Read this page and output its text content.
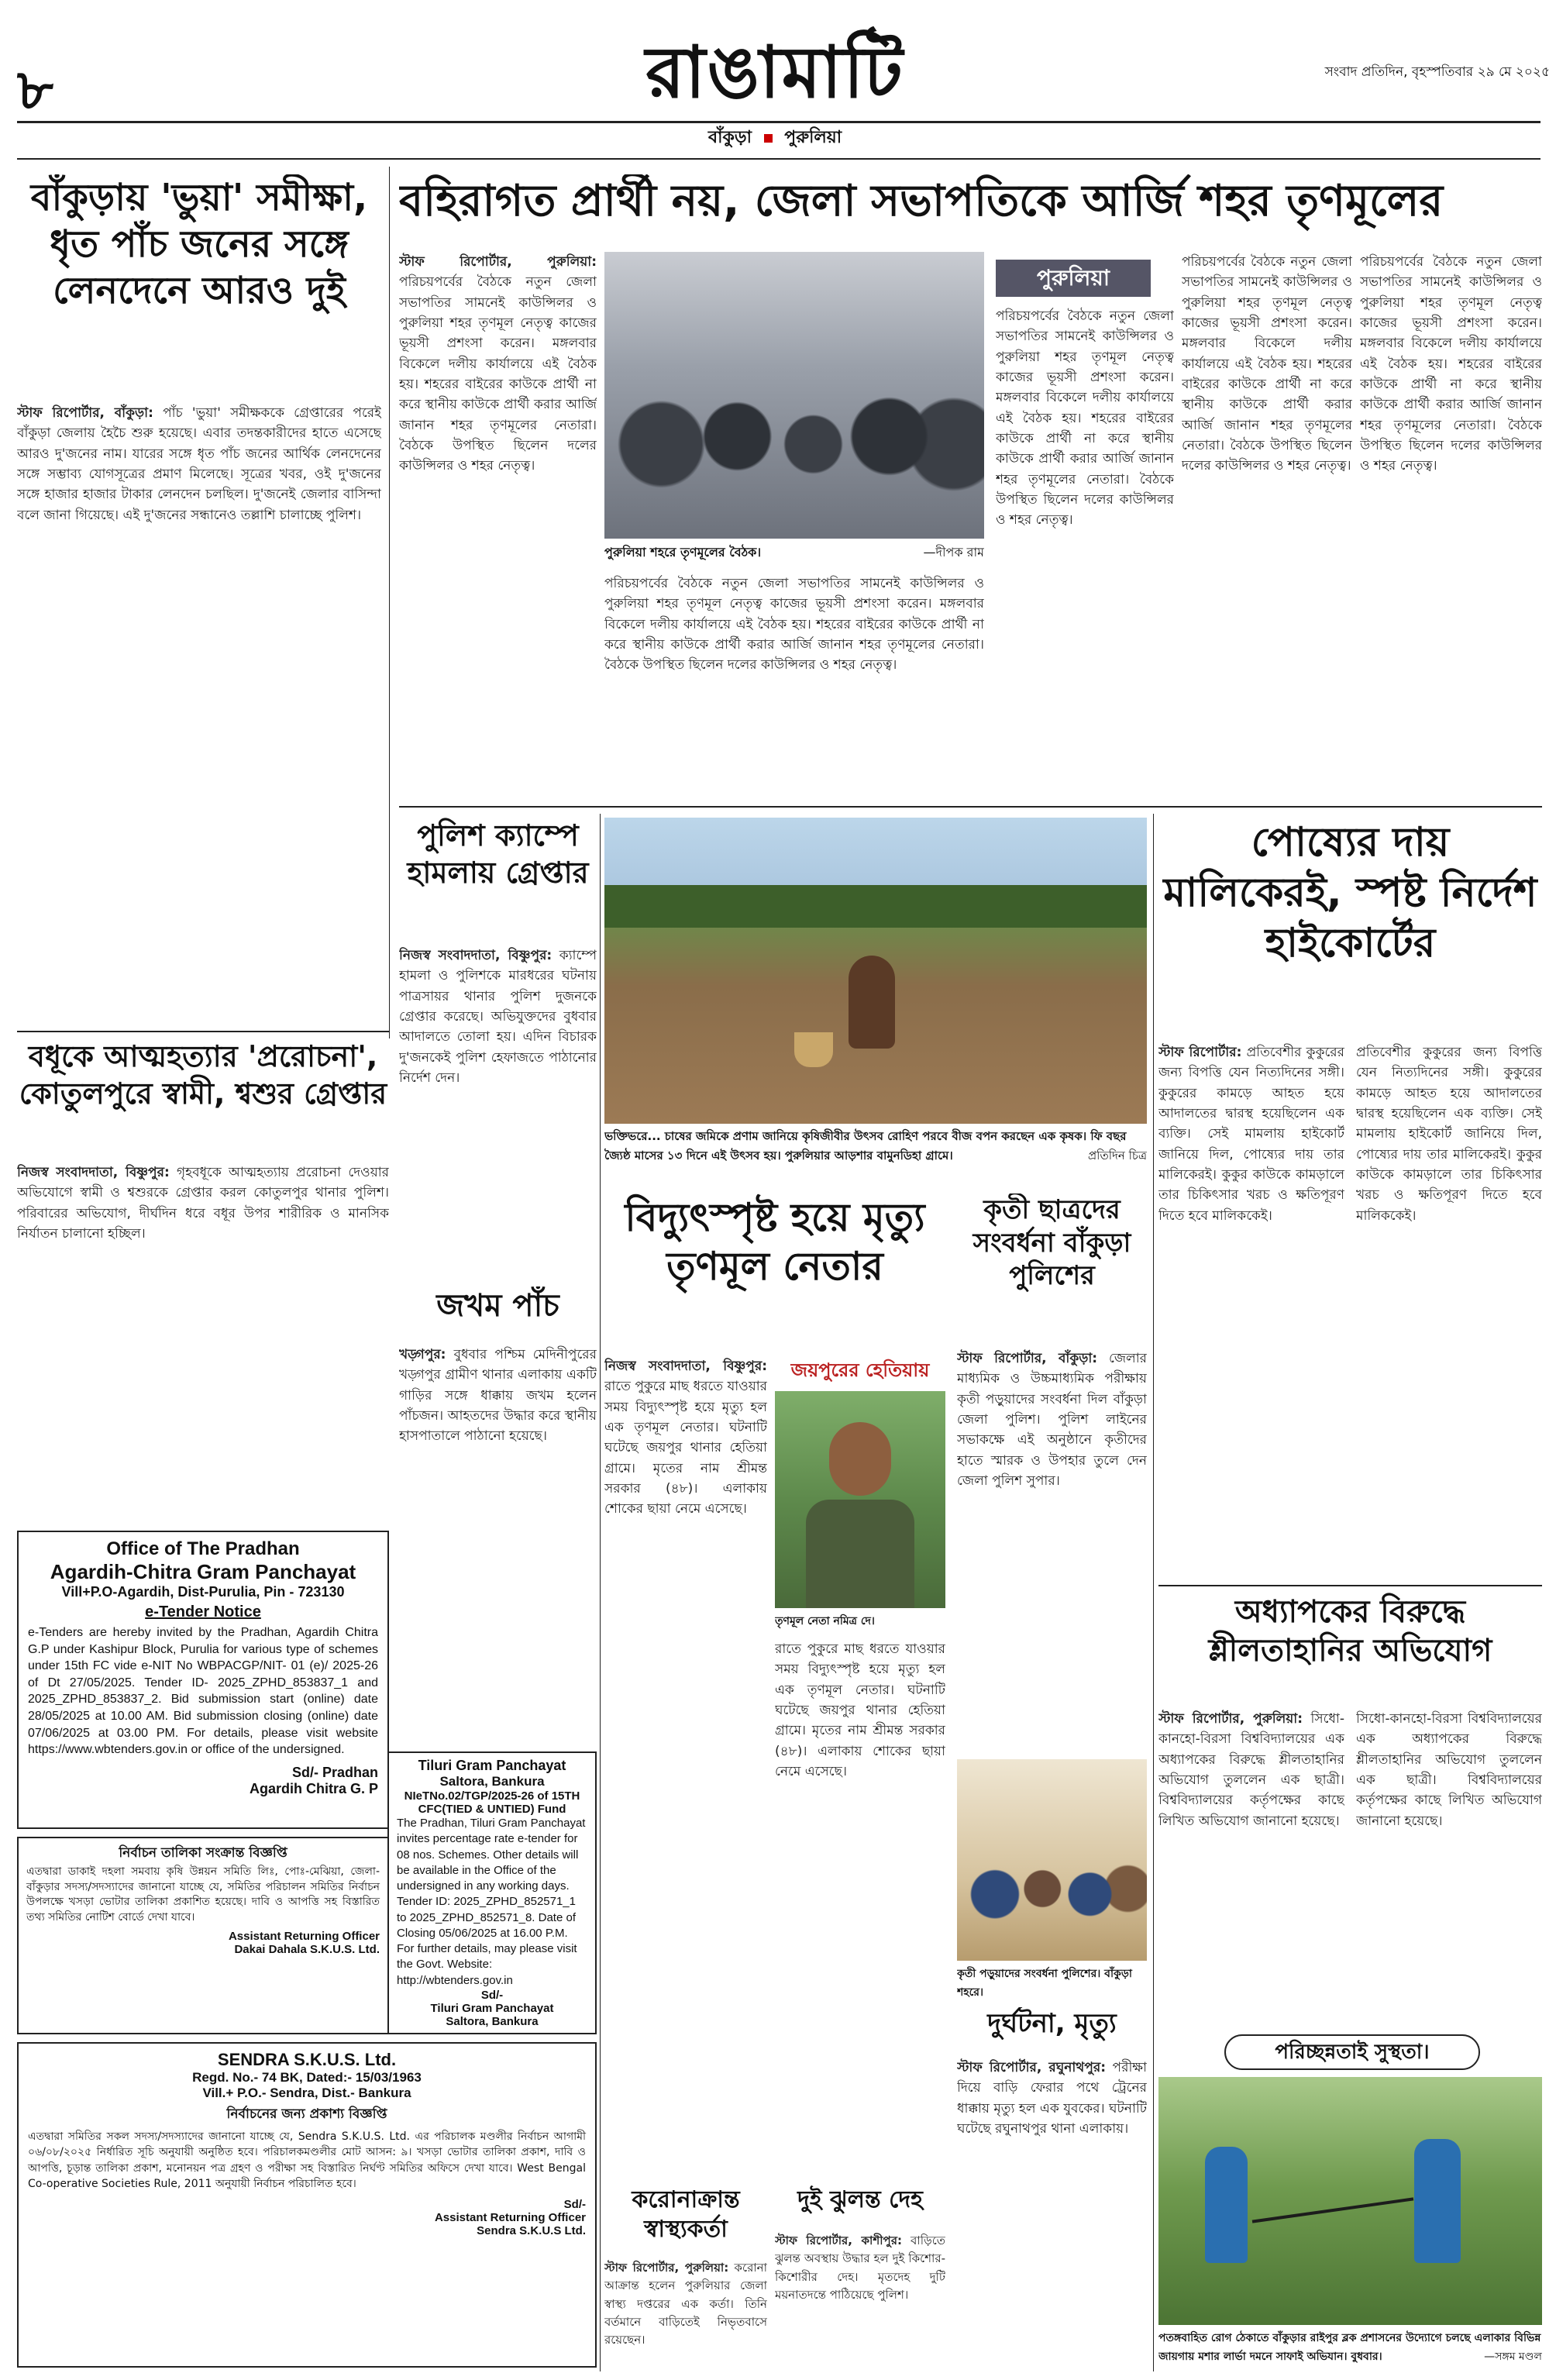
৮	রাঙামাটি	সংবাদ প্রতিদিন, বৃহস্পতিবার ২৯ মে ২০২৫
বাঁকুড়া পুরুলিয়া
বাঁকুড়ায় 'ভুয়া' সমীক্ষা, ধৃত পাঁচ জনের সঙ্গে লেনদেনে আরও দুই
স্টাফ রিপোর্টার, বাঁকুড়া: পাঁচ 'ভুয়া' সমীক্ষককে গ্রেপ্তারের পরেই বাঁকুড়া জেলায় হৈচৈ শুরু হয়েছে। এবার তদন্তকারীদের হাতে এসেছে আরও দু'জনের নাম। যারের সঙ্গে ধৃত পাঁচ জনের আর্থিক লেনদেনের সঙ্গে সম্ভাব্য যোগসূত্রের প্রমাণ মিলেছে। সূত্রের খবর, ওই দু'জনের সঙ্গে হাজার হাজার টাকার লেনদেন চলছিল। দু'জনেই জেলার বাসিন্দা বলে জানা গিয়েছে। এই দু'জনের সন্ধানেও তল্লাশি চালাচ্ছে পুলিশ।
বহিরাগত প্রার্থী নয়, জেলা সভাপতিকে আর্জি শহর তৃণমূলের
স্টাফ রিপোর্টার, পুরুলিয়া: পরিচয়পর্বের বৈঠকে নতুন জেলা সভাপতির সামনেই কাউন্সিলর ও পুরুলিয়া শহর তৃণমূল নেতৃত্ব কাজের ভূয়সী প্রশংসা করেন। মঙ্গলবার বিকেলে দলীয় কার্যালয়ে এই বৈঠক হয়। শহরের বাইরের কাউকে প্রার্থী না করে স্থানীয় কাউকে প্রার্থী করার আর্জি জানান শহর তৃণমূলের নেতারা। বৈঠকে উপস্থিত ছিলেন দলের কাউন্সিলর ও শহর নেতৃত্ব।
পুরুলিয়া শহরে তৃণমূলের বৈঠক।	—দীপক রাম
পুরুলিয়া
পরিচয়পর্বের বৈঠকে নতুন জেলা সভাপতির সামনেই কাউন্সিলর ও পুরুলিয়া শহর তৃণমূল নেতৃত্ব কাজের ভূয়সী প্রশংসা করেন। মঙ্গলবার বিকেলে দলীয় কার্যালয়ে এই বৈঠক হয়। শহরের বাইরের কাউকে প্রার্থী না করে স্থানীয় কাউকে প্রার্থী করার আর্জি জানান শহর তৃণমূলের নেতারা। বৈঠকে উপস্থিত ছিলেন দলের কাউন্সিলর ও শহর নেতৃত্ব।
পরিচয়পর্বের বৈঠকে নতুন জেলা সভাপতির সামনেই কাউন্সিলর ও পুরুলিয়া শহর তৃণমূল নেতৃত্ব কাজের ভূয়সী প্রশংসা করেন। মঙ্গলবার বিকেলে দলীয় কার্যালয়ে এই বৈঠক হয়। শহরের বাইরের কাউকে প্রার্থী না করে স্থানীয় কাউকে প্রার্থী করার আর্জি জানান শহর তৃণমূলের নেতারা। বৈঠকে উপস্থিত ছিলেন দলের কাউন্সিলর ও শহর নেতৃত্ব।
পরিচয়পর্বের বৈঠকে নতুন জেলা সভাপতির সামনেই কাউন্সিলর ও পুরুলিয়া শহর তৃণমূল নেতৃত্ব কাজের ভূয়সী প্রশংসা করেন। মঙ্গলবার বিকেলে দলীয় কার্যালয়ে এই বৈঠক হয়। শহরের বাইরের কাউকে প্রার্থী না করে স্থানীয় কাউকে প্রার্থী করার আর্জি জানান শহর তৃণমূলের নেতারা। বৈঠকে উপস্থিত ছিলেন দলের কাউন্সিলর ও শহর নেতৃত্ব।
পরিচয়পর্বের বৈঠকে নতুন জেলা সভাপতির সামনেই কাউন্সিলর ও পুরুলিয়া শহর তৃণমূল নেতৃত্ব কাজের ভূয়সী প্রশংসা করেন। মঙ্গলবার বিকেলে দলীয় কার্যালয়ে এই বৈঠক হয়। শহরের বাইরের কাউকে প্রার্থী না করে স্থানীয় কাউকে প্রার্থী করার আর্জি জানান শহর তৃণমূলের নেতারা। বৈঠকে উপস্থিত ছিলেন দলের কাউন্সিলর ও শহর নেতৃত্ব।
পুলিশ ক্যাম্পে হামলায় গ্রেপ্তার
নিজস্ব সংবাদদাতা, বিষ্ণুপুর: ক্যাম্পে হামলা ও পুলিশকে মারধরের ঘটনায় পাত্রসায়র থানার পুলিশ দুজনকে গ্রেপ্তার করেছে। অভিযুক্তদের বুধবার আদালতে তোলা হয়। এদিন বিচারক দু'জনকেই পুলিশ হেফাজতে পাঠানোর নির্দেশ দেন।
জখম পাঁচ
খড়্গপুর: বুধবার পশ্চিম মেদিনীপুরের খড়্গপুর গ্রামীণ থানার এলাকায় একটি গাড়ির সঙ্গে ধাক্কায় জখম হলেন পাঁচজন। আহতদের উদ্ধার করে স্থানীয় হাসপাতালে পাঠানো হয়েছে।
ভক্তিভরে... চাষের জমিকে প্রণাম জানিয়ে কৃষিজীবীর উৎসব রোহিণ পরবে বীজ বপন করছেন এক কৃষক। ফি বছর জ্যৈষ্ঠ মাসের ১৩ দিনে এই উৎসব হয়। পুরুলিয়ার আড়শার বামুনডিহা গ্রামে।	প্রতিদিন চিত্র
পোষ্যের দায় মালিকেরই, স্পষ্ট নির্দেশ হাইকোর্টের
স্টাফ রিপোর্টার: প্রতিবেশীর কুকুরের জন্য বিপত্তি যেন নিত্যদিনের সঙ্গী। কুকুরের কামড়ে আহত হয়ে আদালতের দ্বারস্থ হয়েছিলেন এক ব্যক্তি। সেই মামলায় হাইকোর্ট জানিয়ে দিল, পোষ্যের দায় তার মালিকেরই। কুকুর কাউকে কামড়ালে তার চিকিৎসার খরচ ও ক্ষতিপূরণ দিতে হবে মালিককেই।
প্রতিবেশীর কুকুরের জন্য বিপত্তি যেন নিত্যদিনের সঙ্গী। কুকুরের কামড়ে আহত হয়ে আদালতের দ্বারস্থ হয়েছিলেন এক ব্যক্তি। সেই মামলায় হাইকোর্ট জানিয়ে দিল, পোষ্যের দায় তার মালিকেরই। কুকুর কাউকে কামড়ালে তার চিকিৎসার খরচ ও ক্ষতিপূরণ দিতে হবে মালিককেই।
বধূকে আত্মহত্যার 'প্ররোচনা', কোতুলপুরে স্বামী, শ্বশুর গ্রেপ্তার
নিজস্ব সংবাদদাতা, বিষ্ণুপুর: গৃহবধূকে আত্মহত্যায় প্ররোচনা দেওয়ার অভিযোগে স্বামী ও শ্বশুরকে গ্রেপ্তার করল কোতুলপুর থানার পুলিশ। পরিবারের অভিযোগ, দীর্ঘদিন ধরে বধূর উপর শারীরিক ও মানসিক নির্যাতন চালানো হচ্ছিল।	বিদ্যুৎস্পৃষ্ট হয়ে মৃত্যু তৃণমূল নেতার
জয়পুরের হেতিয়ায়
নিজস্ব সংবাদদাতা, বিষ্ণুপুর: রাতে পুকুরে মাছ ধরতে যাওয়ার সময় বিদ্যুৎস্পৃষ্ট হয়ে মৃত্যু হল এক তৃণমূল নেতার। ঘটনাটি ঘটেছে জয়পুর থানার হেতিয়া গ্রামে। মৃতের নাম শ্রীমন্ত সরকার (৪৮)। এলাকায় শোকের ছায়া নেমে এসেছে।
তৃণমূল নেতা নমিত্র দে।
রাতে পুকুরে মাছ ধরতে যাওয়ার সময় বিদ্যুৎস্পৃষ্ট হয়ে মৃত্যু হল এক তৃণমূল নেতার। ঘটনাটি ঘটেছে জয়পুর থানার হেতিয়া গ্রামে। মৃতের নাম শ্রীমন্ত সরকার (৪৮)। এলাকায় শোকের ছায়া নেমে এসেছে।
কৃতী ছাত্রদের সংবর্ধনা বাঁকুড়া পুলিশের
স্টাফ রিপোর্টার, বাঁকুড়া: জেলার মাধ্যমিক ও উচ্চমাধ্যমিক পরীক্ষায় কৃতী পড়ুয়াদের সংবর্ধনা দিল বাঁকুড়া জেলা পুলিশ। পুলিশ লাইনের সভাকক্ষে এই অনুষ্ঠানে কৃতীদের হাতে স্মারক ও উপহার তুলে দেন জেলা পুলিশ সুপার।
অধ্যাপকের বিরুদ্ধে শ্লীলতাহানির অভিযোগ
স্টাফ রিপোর্টার, পুরুলিয়া: সিধো-কানহো-বিরসা বিশ্ববিদ্যালয়ের এক অধ্যাপকের বিরুদ্ধে শ্লীলতাহানির অভিযোগ তুললেন এক ছাত্রী। বিশ্ববিদ্যালয়ের কর্তৃপক্ষের কাছে লিখিত অভিযোগ জানানো হয়েছে।
সিধো-কানহো-বিরসা বিশ্ববিদ্যালয়ের এক অধ্যাপকের বিরুদ্ধে শ্লীলতাহানির অভিযোগ তুললেন এক ছাত্রী। বিশ্ববিদ্যালয়ের কর্তৃপক্ষের কাছে লিখিত অভিযোগ জানানো হয়েছে।
Office of The Pradhan
Agardih-Chitra Gram Panchayat
Vill+P.O-Agardih, Dist-Purulia, Pin - 723130
e-Tender Notice
e-Tenders are hereby invited by the Pradhan, Agardih Chitra G.P under Kashipur Block, Purulia for various type of schemes under 15th FC vide e-NIT No WBPACGP/NIT- 01 (e)/ 2025-26 of Dt 27/05/2025. Tender ID- 2025_ZPHD_853837_1 and 2025_ZPHD_853837_2. Bid submission start (online) date 28/05/2025 at 10.00 AM. Bid submission closing (online) date 07/06/2025 at 03.00 PM. For details, please visit website https://www.wbtenders.gov.in or office of the undersigned.
Sd/- Pradhan
Agardih Chitra G. P
নির্বাচন তালিকা সংক্রান্ত বিজ্ঞপ্তি
এতদ্বারা ডাকাই দহলা সমবায় কৃষি উন্নয়ন সমিতি লিঃ, পোঃ-মেঝিয়া, জেলা-বাঁকুড়ার সদস্য/সদস্যাদের জানানো যাচ্ছে যে, সমিতির পরিচালন সমিতির নির্বাচন উপলক্ষে খসড়া ভোটার তালিকা প্রকাশিত হয়েছে। দাবি ও আপত্তি সহ বিস্তারিত তথ্য সমিতির নোটিশ বোর্ডে দেখা যাবে।
Assistant Returning Officer
Dakai Dahala S.K.U.S. Ltd.
Tiluri Gram Panchayat
Saltora, Bankura
NIeTNo.02/TGP/2025-26 of 15TH CFC(TIED & UNTIED) Fund
The Pradhan, Tiluri Gram Panchayat invites percentage rate e-tender for 08 nos. Schemes. Other details will be available in the Office of the undersigned in any working days. Tender ID: 2025_ZPHD_852571_1 to 2025_ZPHD_852571_8. Date of Closing 05/06/2025 at 16.00 P.M. For further details, may please visit the Govt. Website: http://wbtenders.gov.in
Sd/-
Tiluri Gram Panchayat
Saltora, Bankura
SENDRA S.K.U.S. Ltd.
Regd. No.- 74 BK, Dated:- 15/03/1963
Vill.+ P.O.- Sendra, Dist.- Bankura
নির্বাচনের জন্য প্রকাশ্য বিজ্ঞপ্তি
এতদ্বারা সমিতির সকল সদস্য/সদস্যাদের জানানো যাচ্ছে যে, Sendra S.K.U.S. Ltd. এর পরিচালক মণ্ডলীর নির্বাচন আগামী ০৬/০৮/২০২৫ নির্ধারিত সূচি অনুযায়ী অনুষ্ঠিত হবে। পরিচালকমণ্ডলীর মোট আসন: ৯। খসড়া ভোটার তালিকা প্রকাশ, দাবি ও আপত্তি, চূড়ান্ত তালিকা প্রকাশ, মনোনয়ন পত্র গ্রহণ ও পরীক্ষা সহ বিস্তারিত নির্ঘণ্ট সমিতির অফিসে দেখা যাবে। West Bengal Co-operative Societies Rule, 2011 অনুযায়ী নির্বাচন পরিচালিত হবে।
Sd/-
Assistant Returning Officer
Sendra S.K.U.S Ltd.
করোনাক্রান্ত স্বাস্থ্যকর্তা
স্টাফ রিপোর্টার, পুরুলিয়া: করোনা আক্রান্ত হলেন পুরুলিয়ার জেলা স্বাস্থ্য দপ্তরের এক কর্তা। তিনি বর্তমানে বাড়িতেই নিভৃতবাসে রয়েছেন।
দুই ঝুলন্ত দেহ
স্টাফ রিপোর্টার, কাশীপুর: বাড়িতে ঝুলন্ত অবস্থায় উদ্ধার হল দুই কিশোর-কিশোরীর দেহ। মৃতদেহ দুটি ময়নাতদন্তে পাঠিয়েছে পুলিশ।
কৃতী পড়ুয়াদের সংবর্ধনা পুলিশের। বাঁকুড়া শহরে।
দুর্ঘটনা, মৃত্যু
স্টাফ রিপোর্টার, রঘুনাথপুর: পরীক্ষা দিয়ে বাড়ি ফেরার পথে ট্রেনের ধাক্কায় মৃত্যু হল এক যুবকের। ঘটনাটি ঘটেছে রঘুনাথপুর থানা এলাকায়।
পরিচ্ছন্নতাই সুস্থতা।
পতঙ্গবাহিত রোগ ঠেকাতে বাঁকুড়ার রাইপুর ব্লক প্রশাসনের উদ্যোগে চলছে এলাকার বিভিন্ন জায়গায় মশার লার্ভা দমনে সাফাই অভিযান। বুধবার।	—সঙ্গম মণ্ডল
